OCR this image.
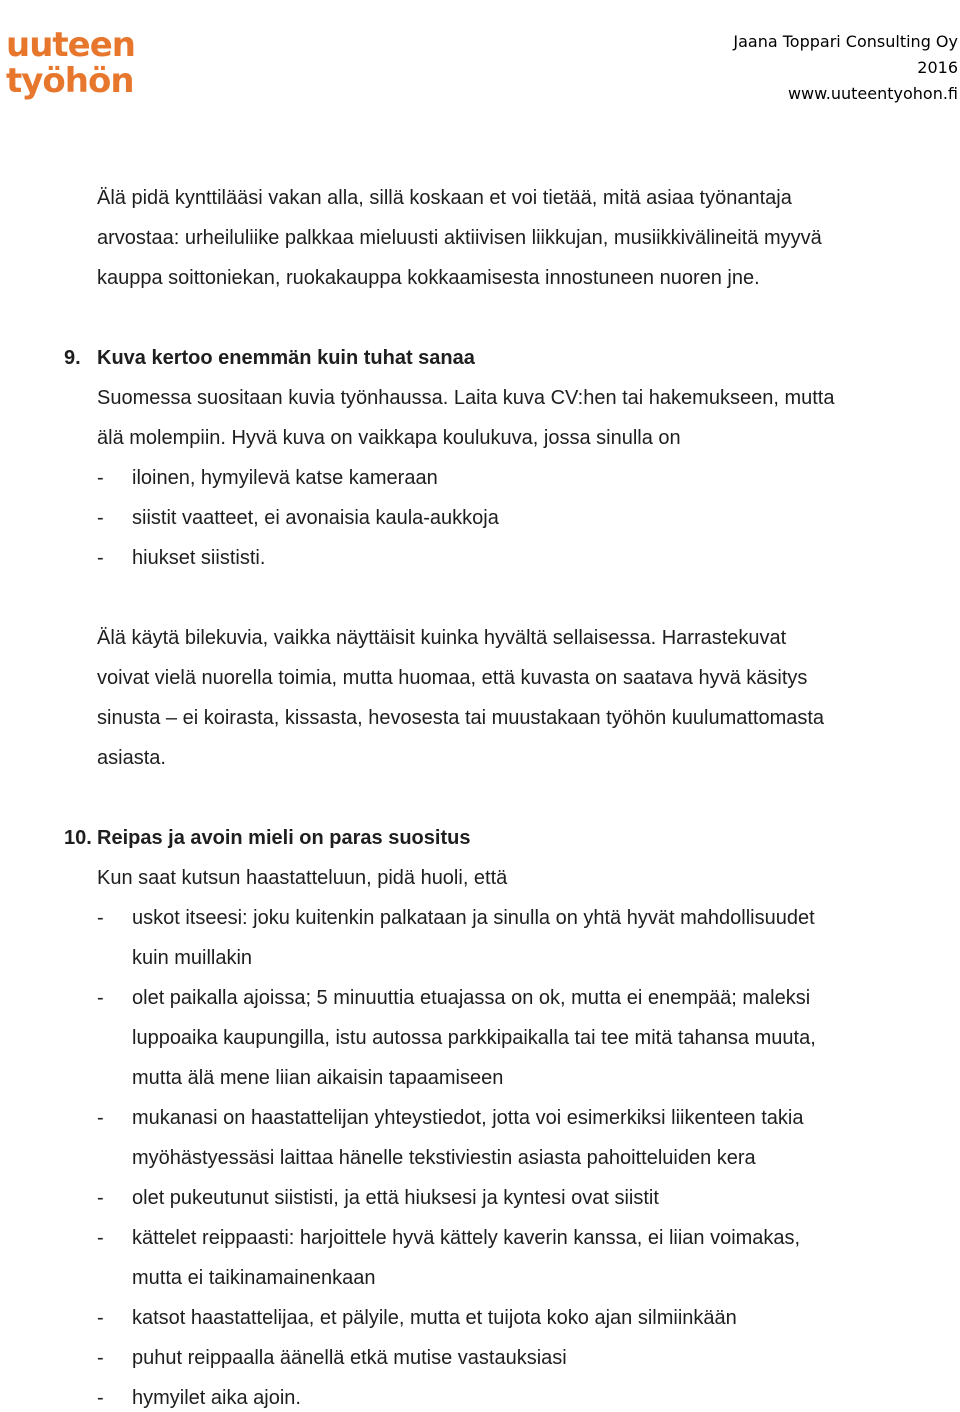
uuteen
työhön
Jaana Toppari Consulting Oy
2016
www.uuteentyohon.fi
Älä pidä kynttilääsi vakan alla, sillä koskaan et voi tietää, mitä asiaa työnantaja
arvostaa: urheiluliike palkkaa mieluusti aktiivisen liikkujan, musiikkivälineitä myyvä
kauppa soittoniekan, ruokakauppa kokkaamisesta innostuneen nuoren jne.
9. Kuva kertoo enemmän kuin tuhat sanaa
Suomessa suositaan kuvia työnhaussa. Laita kuva CV:hen tai hakemukseen, mutta
älä molempiin. Hyvä kuva on vaikkapa koulukuva, jossa sinulla on
- iloinen, hymyilevä katse kameraan
- siistit vaatteet, ei avonaisia kaula-aukkoja
- hiukset siististi.
Älä käytä bilekuvia, vaikka näyttäisit kuinka hyvältä sellaisessa. Harrastekuvat
voivat vielä nuorella toimia, mutta huomaa, että kuvasta on saatava hyvä käsitys
sinusta – ei koirasta, kissasta, hevosesta tai muustakaan työhön kuulumattomasta
asiasta.
10. Reipas ja avoin mieli on paras suositus
Kun saat kutsun haastatteluun, pidä huoli, että
- uskot itseesi: joku kuitenkin palkataan ja sinulla on yhtä hyvät mahdollisuudet
kuin muillakin
- olet paikalla ajoissa; 5 minuuttia etuajassa on ok, mutta ei enempää; maleksi
luppoaika kaupungilla, istu autossa parkkipaikalla tai tee mitä tahansa muuta,
mutta älä mene liian aikaisin tapaamiseen
- mukanasi on haastattelijan yhteystiedot, jotta voi esimerkiksi liikenteen takia
myöhästyessäsi laittaa hänelle tekstiviestin asiasta pahoitteluiden kera
- olet pukeutunut siististi, ja että hiuksesi ja kyntesi ovat siistit
- kättelet reippaasti: harjoittele hyvä kättely kaverin kanssa, ei liian voimakas,
mutta ei taikinamainenkaan
- katsot haastattelijaa, et pälyile, mutta et tuijota koko ajan silmiinkään
- puhut reippaalla äänellä etkä mutise vastauksiasi
- hymyilet aika ajoin.
